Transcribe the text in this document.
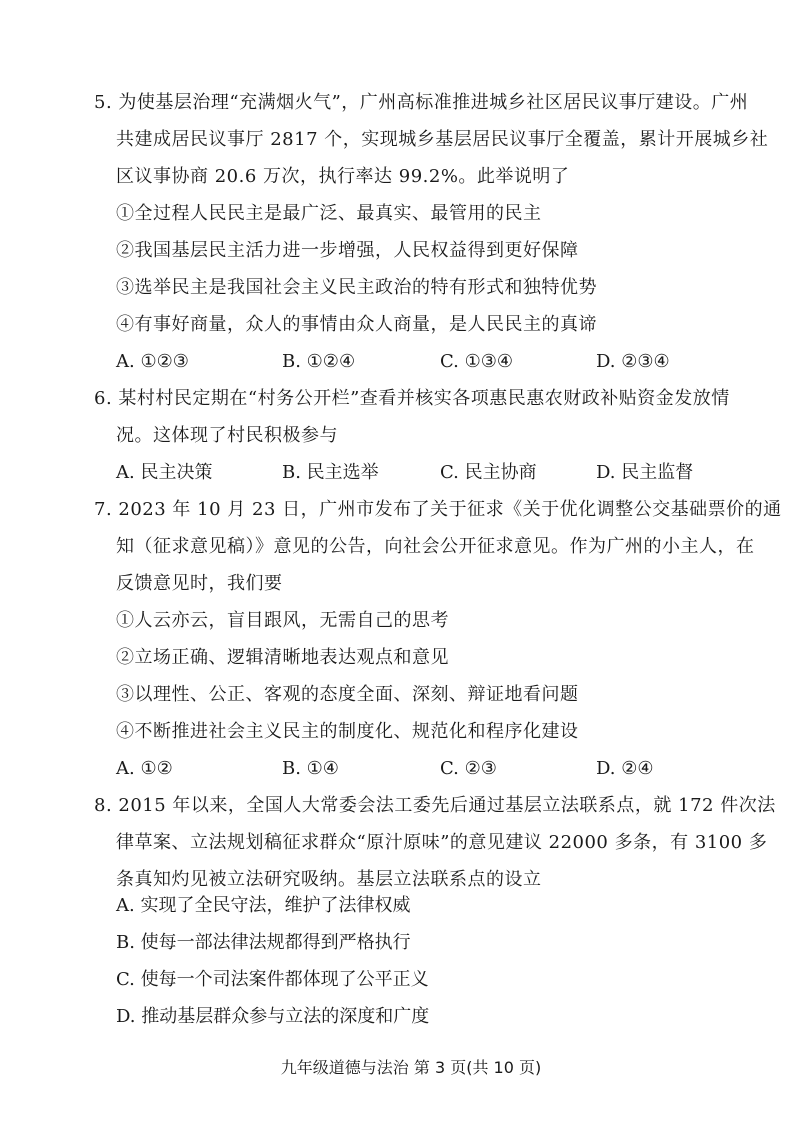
5. 为使基层治理“充满烟火气”，广州高标准推进城乡社区居民议事厅建设。广州
共建成居民议事厅 2817 个，实现城乡基层居民议事厅全覆盖，累计开展城乡社
区议事协商 20.6 万次，执行率达 99.2%。此举说明了
①全过程人民民主是最广泛、最真实、最管用的民主
②我国基层民主活力进一步增强，人民权益得到更好保障
③选举民主是我国社会主义民主政治的特有形式和独特优势
④有事好商量，众人的事情由众人商量，是人民民主的真谛
A. ①②③	B. ①②④	C. ①③④	D. ②③④
6. 某村村民定期在“村务公开栏”查看并核实各项惠民惠农财政补贴资金发放情
况。这体现了村民积极参与
A. 民主决策	B. 民主选举	C. 民主协商	D. 民主监督
7. 2023 年 10 月 23 日，广州市发布了关于征求《关于优化调整公交基础票价的通
知（征求意见稿）》意见的公告，向社会公开征求意见。作为广州的小主人，在
反馈意见时，我们要
①人云亦云，盲目跟风，无需自己的思考
②立场正确、逻辑清晰地表达观点和意见
③以理性、公正、客观的态度全面、深刻、辩证地看问题
④不断推进社会主义民主的制度化、规范化和程序化建设
A. ①②	B. ①④	C. ②③	D. ②④
8. 2015 年以来，全国人大常委会法工委先后通过基层立法联系点，就 172 件次法
律草案、立法规划稿征求群众“原汁原味”的意见建议 22000 多条，有 3100 多
条真知灼见被立法研究吸纳。基层立法联系点的设立
A. 实现了全民守法，维护了法律权威
B. 使每一部法律法规都得到严格执行
C. 使每一个司法案件都体现了公平正义
D. 推动基层群众参与立法的深度和广度
九年级道德与法治 第 3 页(共 10 页)
